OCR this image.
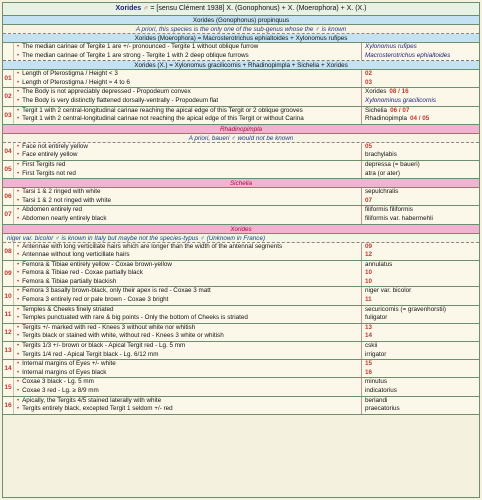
Xorides ♂ = [sensu Clément 1938] X. (Gonophonus) + X. (Moerophora) + X. (X.)
Xorides (Gonophonus) propinquus
A priori, this species is the only one of the sub-genus whose the ♂ is known
Xorides (Moerophora) = Macrosterotrichus ephialtoides + Xylonomus rufipes
• The median carinae of Tergite 1 are +/- pronounced - Tergite 1 without oblique furrow
• The median carinae of Tergite 1 are strong - Tergite 1 with 2 deep oblique furrows
Xylonomus rufipes
Macrosterotrichus ephialtoides
Xorides (X.) = Xylonomus gracilicornis + Rhadinopimpla + Sichelia + Xorides
01
• Length of Pterostigma / Height < 3
• Length of Pterostigma / Height ≈ 4 to 6
02
03
02
• The Body is not appreciably depressed - Propodeum convex
• The Body is very distinctly flattened dorsally-ventrally - Propodeum flat
Xorides 08 / 16
Xylonominus gracilicornis
03
• Tergit 1 with 2 central-longitudinal carinae reaching the apical edge of this Tergit or 2 oblique grooves
• Tergit 1 with 2 central-longitudinal carinae not reaching the apical edge of this Tergit or without Carina
Sichelia 06 / 07
Rhadinopimpla 04 / 05
Rhadinopimpla
A priori, baueri ♂ would not be known
04
• Face not entirely yellow
• Face entirely yellow
05
brachylabis
05
• First Tergits red
• First Tergits not red
depressa (= baueri)
atra (or ater)
Sichelia
06
• Tarsi 1 & 2 ringed with white
• Tarsi 1 & 2 not ringed with white
sepulchralis
07
07
• Abdomen entirely red
• Abdomen nearly entirely black
filiformis filiformis
filiformis var. habermehli
Xorides
niger var. bicolor ♂ is known in Italy but maybe not the species-typus ♂ (Unknown in France)
08
• Antennae with long verticillate hairs which are longer than the width of the antennal segments
• Antennae without long verticillate hairs
09
12
09
• Femora & Tibiae entirely yellow - Coxae brown-yellow
• Femora & Tibiae red - Coxae partially black
• Femora & Tibiae partially blackish
annulatus
10
10
10
• Femora 3 basally brown-black, only their apex is red - Coxae 3 matt
• Femora 3 entirely red or pale brown - Coxae 3 bright
niger var. bicolor
11
11
• Temples & Cheeks finely striated
• Temples punctuated with rare & big points - Only the bottom of Cheeks is striated
securicornis (= gravenhorstii)
fuligator
12
• Tergits +/- marked with red - Knees 3 without white nor whitish
• Tergits black or stained with white, without red - Knees 3 white or whitish
13
14
13
• Tergits 1/3 +/- brown or black - Apical Tergit red - Lg. 5 mm
• Tergits 1/4 red - Apical Tergit black - Lg. 6/12 mm
cskii
irrigator
14
• Internal margins of Eyes +/- white
• Internal margins of Eyes black
15
16
15
• Coxae 3 black - Lg. 5 mm
• Coxae 3 red - Lg. ≥ 8/9 mm
minutus
indicatorius
16
• Apically, the Tergits 4/5 stained laterally with white
• Tergits entirely black, excepted Tergit 1 seldom +/- red
berlandi
praecatorius
